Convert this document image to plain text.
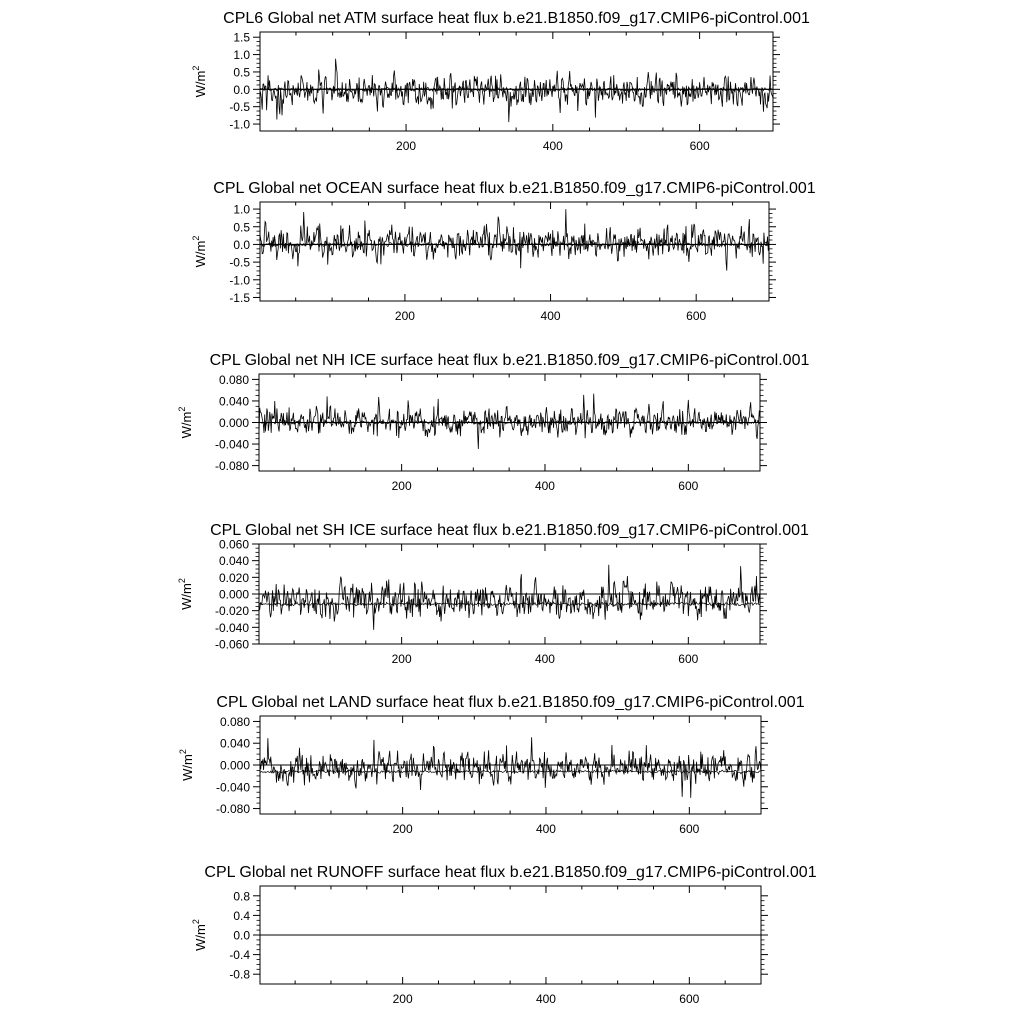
CPL6 Global net ATM surface heat flux b.e21.B1850.f09_g17.CMIP6-piControl.001
200	400	600
-1.0
-0.5
0.0
0.5
1.0
1.5
$W/m^2$
CPL Global net OCEAN surface heat flux b.e21.B1850.f09_g17.CMIP6-piControl.001
200	400	600
-1.5
-1.0
-0.5
0.0
0.5
1.0
$W/m^2$
CPL Global net NH ICE surface heat flux b.e21.B1850.f09_g17.CMIP6-piControl.001
200	400	600
-0.080
-0.040
0.000
0.040
0.080
$W/m^2$
CPL Global net SH ICE surface heat flux b.e21.B1850.f09_g17.CMIP6-piControl.001
200	400	600
-0.060
-0.040
-0.020
0.000
0.020
0.040
0.060
$W/m^2$
CPL Global net LAND surface heat flux b.e21.B1850.f09_g17.CMIP6-piControl.001
200	400	600
-0.080
-0.040
0.000
0.040
0.080
$W/m^2$
CPL Global net RUNOFF surface heat flux b.e21.B1850.f09_g17.CMIP6-piControl.001
200	400	600
-0.8
-0.4
0.0
0.4
0.8
$W/m^2$
